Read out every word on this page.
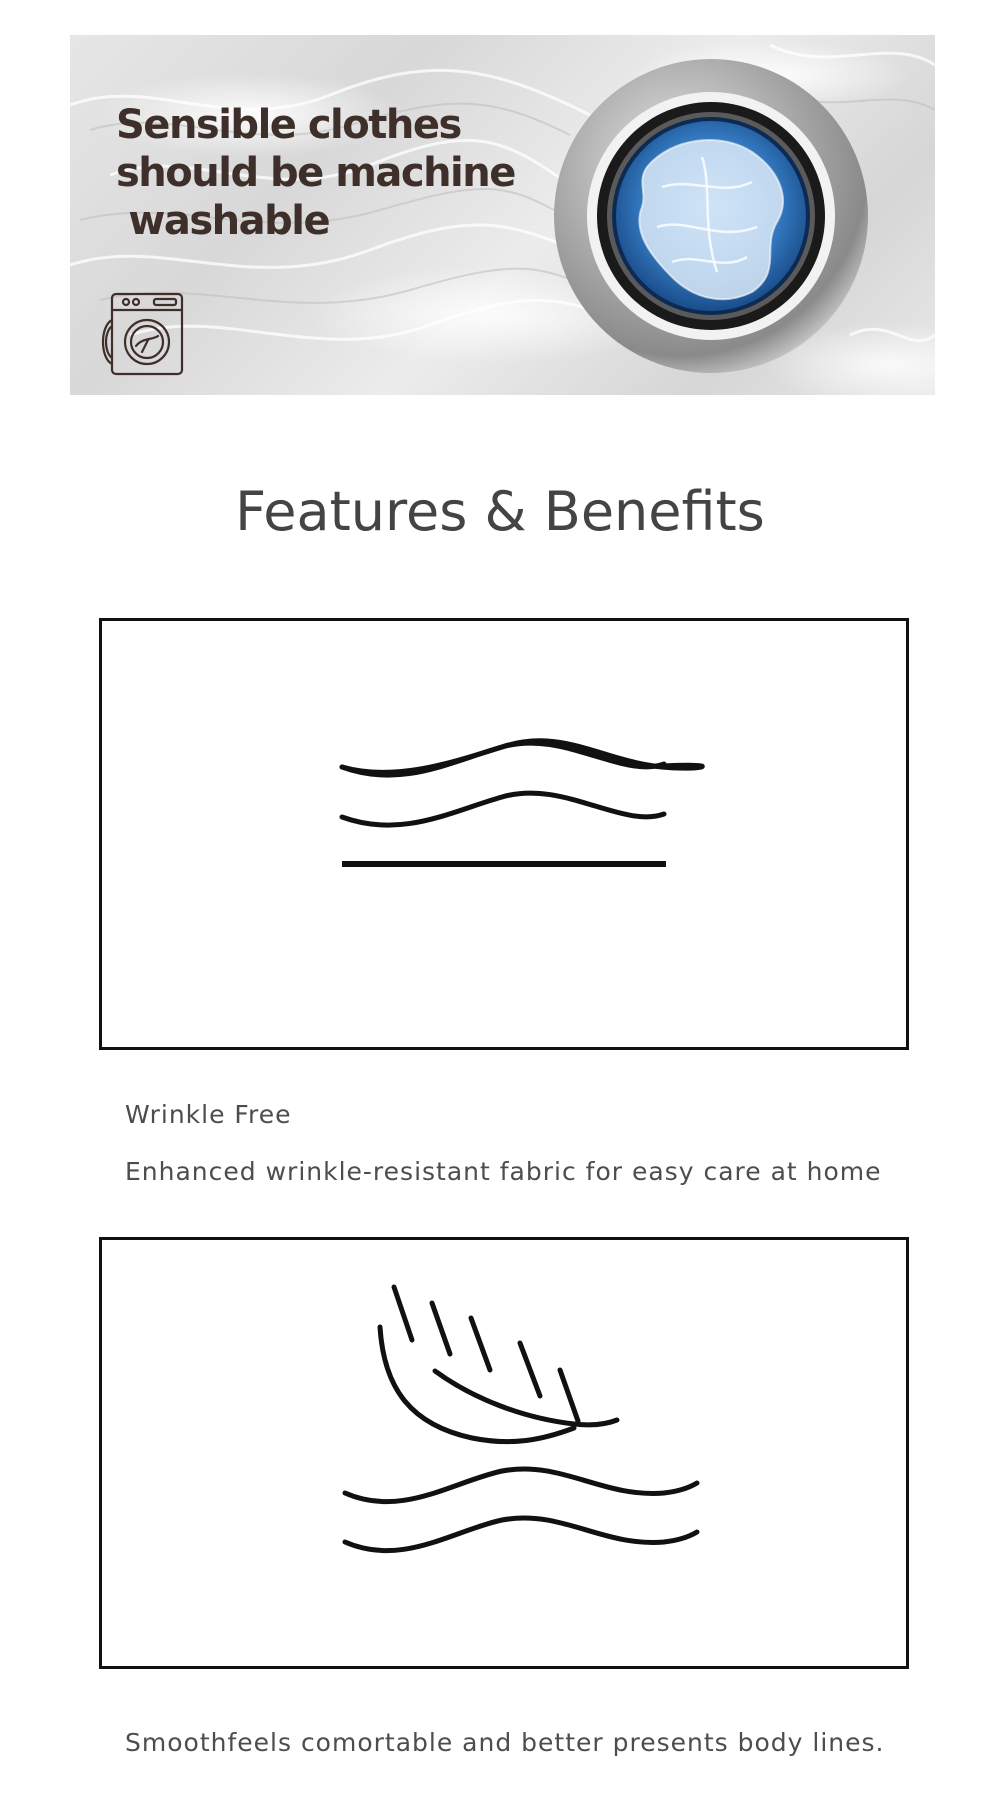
Sensible clothes
should be machine
washable
Features & Benefits

Wrinkle Free

Enhanced wrinkle-resistant fabric for easy care at home

Smoothfeels comortable and better presents body lines.
